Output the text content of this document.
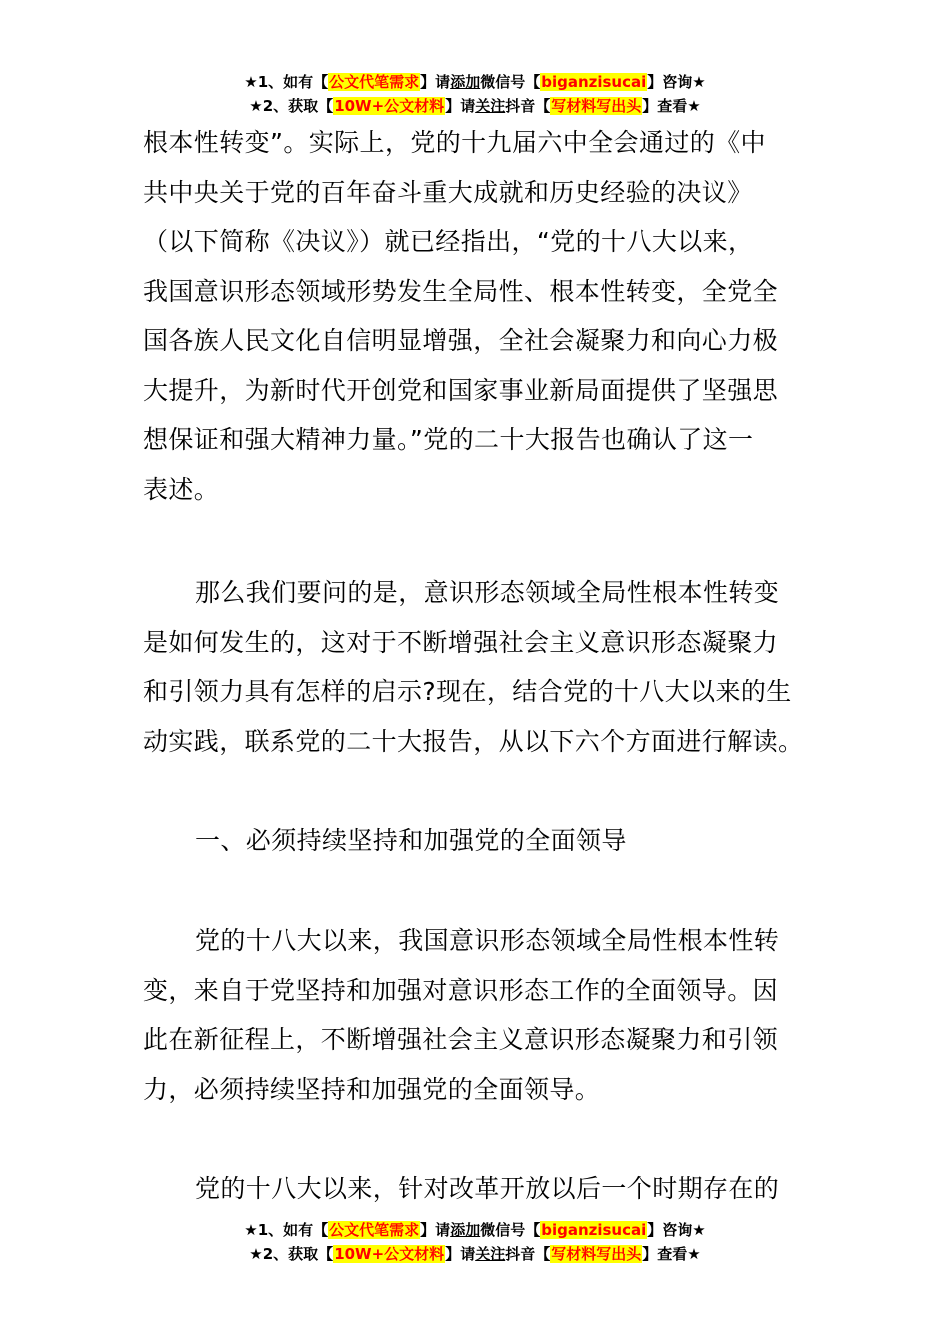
★1、如有【公文代笔需求】请添加微信号【biganzisucai】咨询★
★2、获取【10W+公文材料】请关注抖音【写材料写出头】查看★
根本性转变”。实际上，党的十九届六中全会通过的《中
共中央关于党的百年奋斗重大成就和历史经验的决议》
（以下简称《决议》）就已经指出，“党的十八大以来，
我国意识形态领域形势发生全局性、根本性转变，全党全
国各族人民文化自信明显增强，全社会凝聚力和向心力极
大提升，为新时代开创党和国家事业新局面提供了坚强思
想保证和强大精神力量。”党的二十大报告也确认了这一
表述。
那么我们要问的是，意识形态领域全局性根本性转变
是如何发生的，这对于不断增强社会主义意识形态凝聚力
和引领力具有怎样的启示?现在，结合党的十八大以来的生
动实践，联系党的二十大报告，从以下六个方面进行解读。
一、必须持续坚持和加强党的全面领导
党的十八大以来，我国意识形态领域全局性根本性转
变，来自于党坚持和加强对意识形态工作的全面领导。因
此在新征程上，不断增强社会主义意识形态凝聚力和引领
力，必须持续坚持和加强党的全面领导。
党的十八大以来，针对改革开放以后一个时期存在的
★1、如有【公文代笔需求】请添加微信号【biganzisucai】咨询★
★2、获取【10W+公文材料】请关注抖音【写材料写出头】查看★
